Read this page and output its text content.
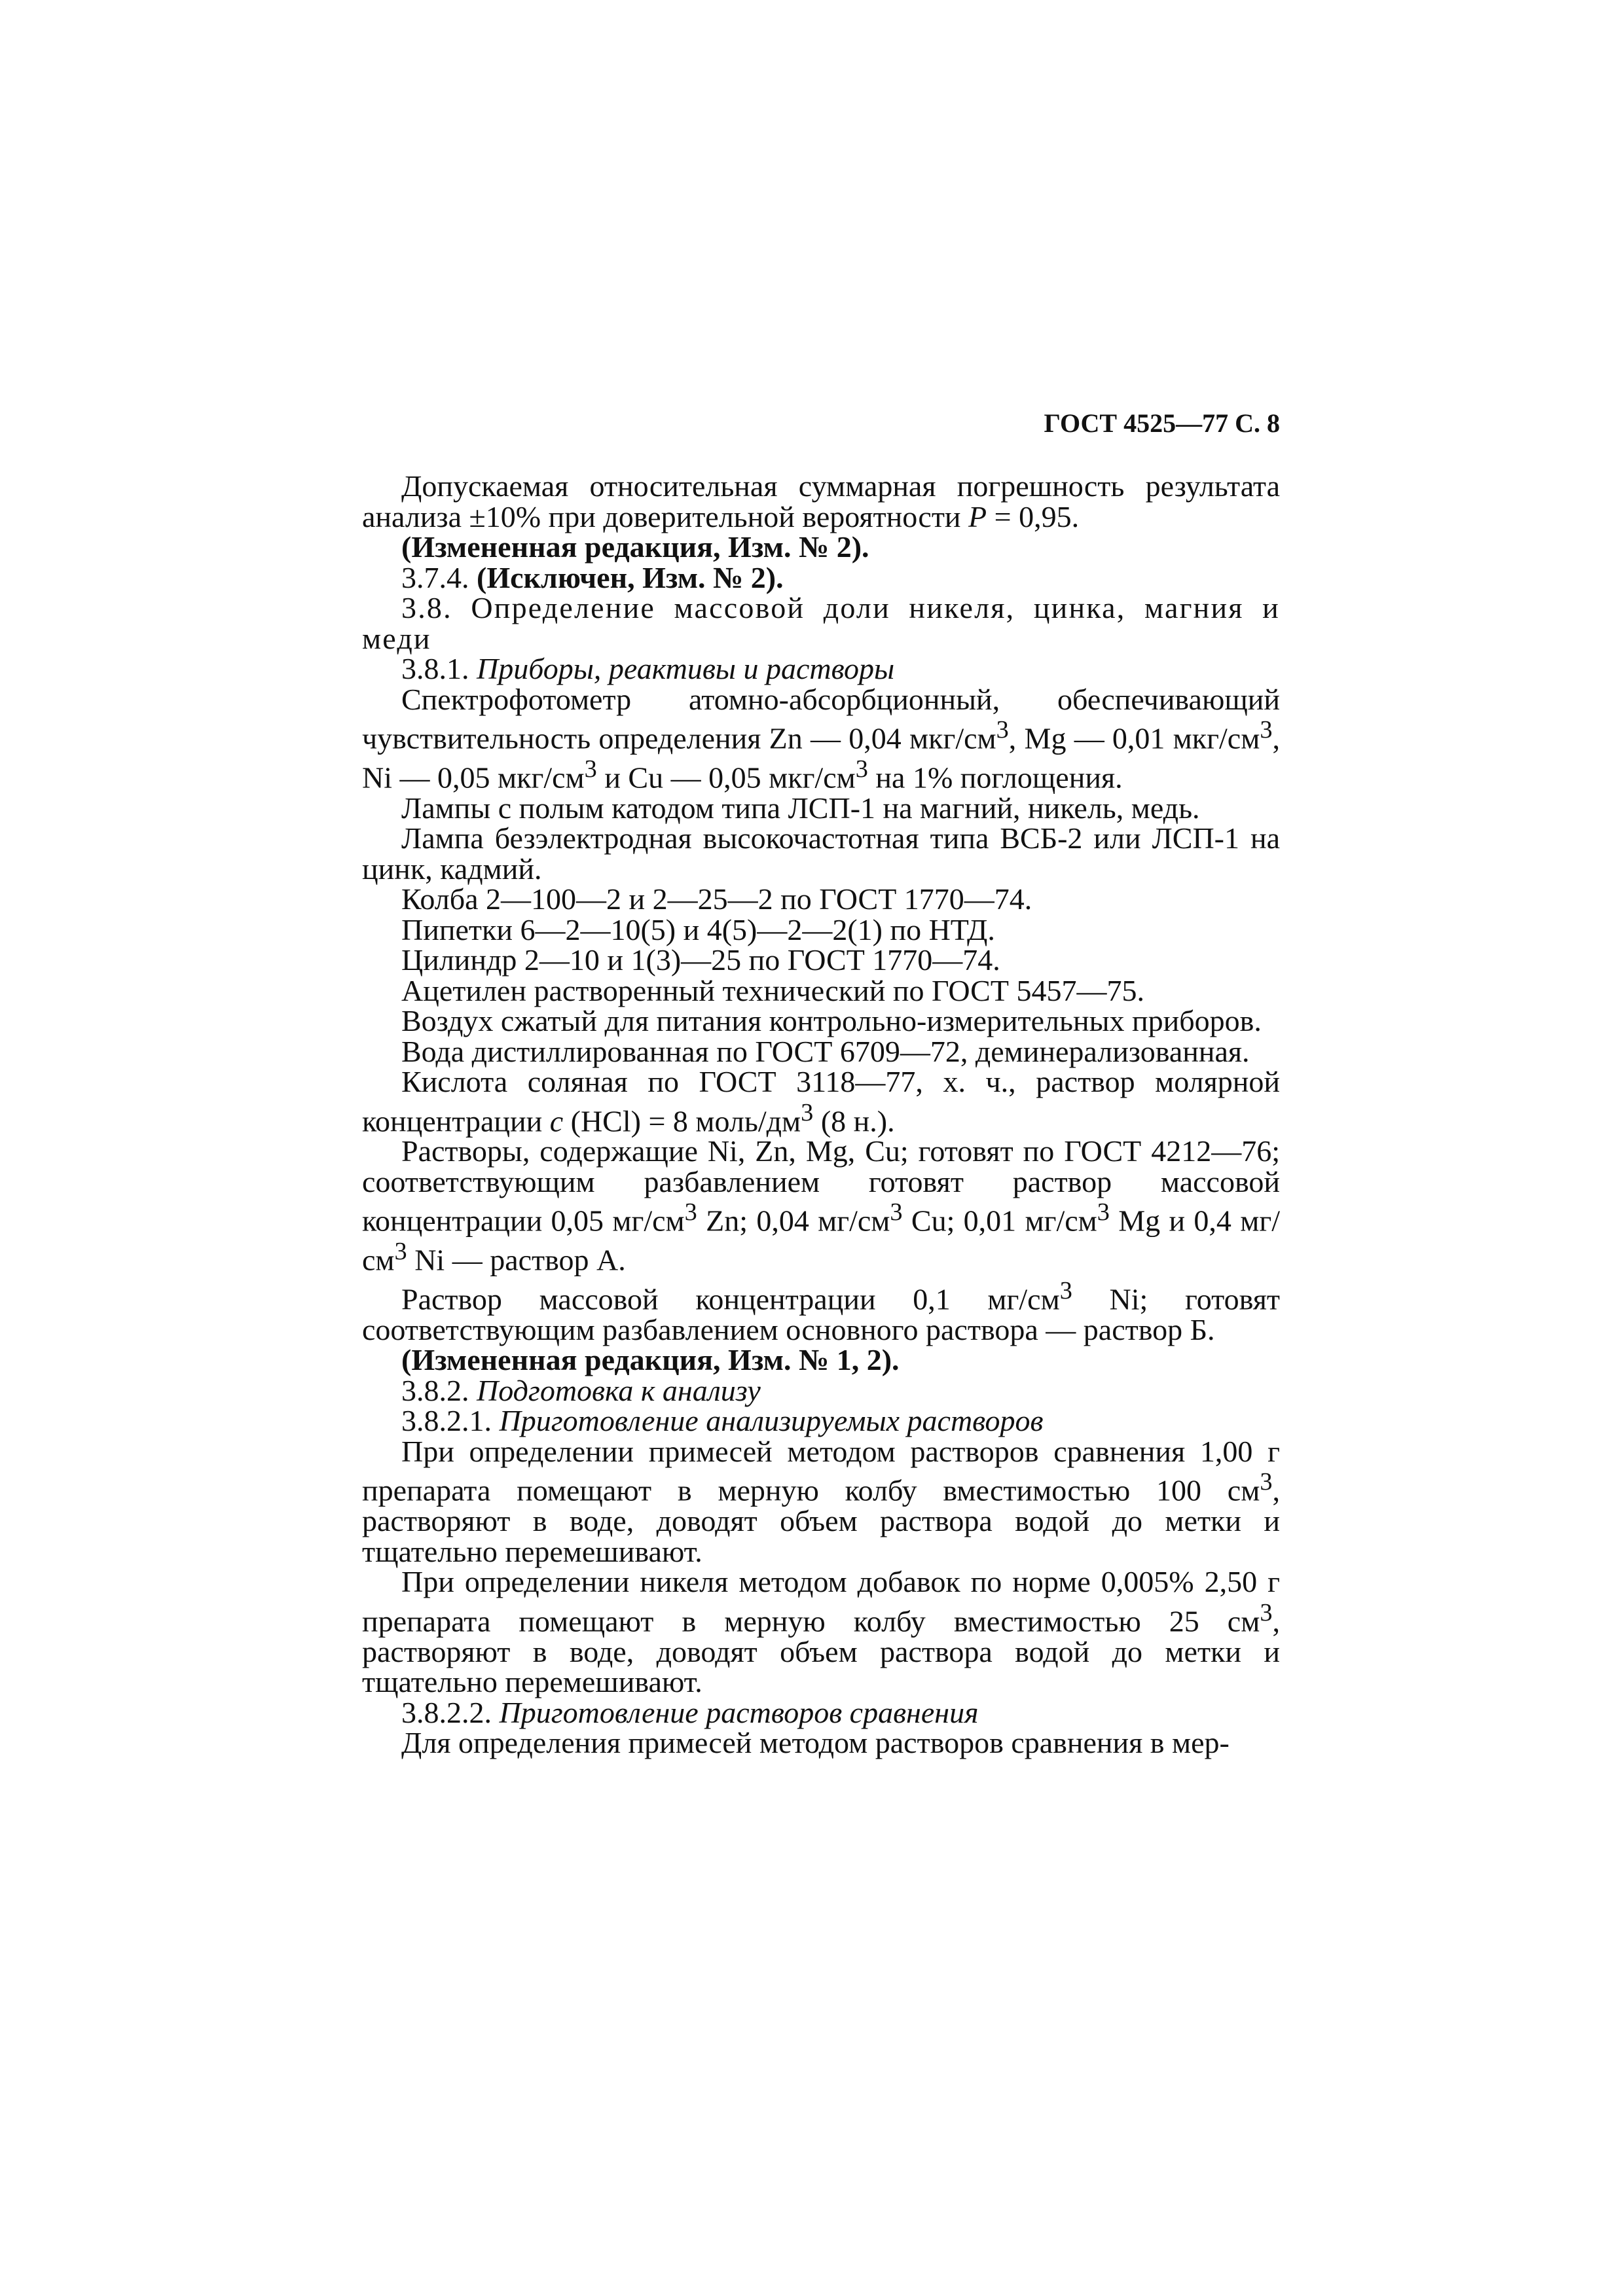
ГОСТ 4525—77 С. 8

Допускаемая относительная суммарная погрешность результата анализа ±10% при доверительной вероятности P = 0,95.

(Измененная редакция, Изм. № 2).

3.7.4. (Исключен, Изм. № 2).

3.8. Определение массовой доли никеля, цинка, магния и меди

3.8.1. Приборы, реактивы и растворы

Спектрофотометр атомно-абсорбционный, обеспечивающий чувствительность определения Zn — 0,04 мкг/$см^3$, Mg — 0,01 мкг/$см^3$, Ni — 0,05 мкг/$см^3$ и Cu — 0,05 мкг/$см^3$ на 1% поглощения.

Лампы с полым катодом типа ЛСП-1 на магний, никель, медь.

Лампа безэлектродная высокочастотная типа ВСБ-2 или ЛСП-1 на цинк, кадмий.

Колба 2—100—2 и 2—25—2 по ГОСТ 1770—74.

Пипетки 6—2—10(5) и 4(5)—2—2(1) по НТД.

Цилиндр 2—10 и 1(3)—25 по ГОСТ 1770—74.

Ацетилен растворенный технический по ГОСТ 5457—75.

Воздух сжатый для питания контрольно-измерительных приборов.

Вода дистиллированная по ГОСТ 6709—72, деминерализованная.

Кислота соляная по ГОСТ 3118—77, х. ч., раствор молярной концентрации c (HCl) = 8 моль/$дм^3$ (8 н.).

Растворы, содержащие Ni, Zn, Mg, Cu; готовят по ГОСТ 4212—76; соответствующим разбавлением готовят раствор массовой концентрации 0,05 $мг/см^3$ Zn; 0,04 $мг/см^3$ Cu; 0,01 $мг/см^3$ Mg и 0,4 $мг/см^3$ Ni — раствор А.

Раствор массовой концентрации 0,1 $мг/см^3$ Ni; готовят соответствующим разбавлением основного раствора — раствор Б.

(Измененная редакция, Изм. № 1, 2).

3.8.2. Подготовка к анализу

3.8.2.1. Приготовление анализируемых растворов

При определении примесей методом растворов сравнения 1,00 г препарата помещают в мерную колбу вместимостью 100 $см^3$, растворяют в воде, доводят объем раствора водой до метки и тщательно перемешивают.

При определении никеля методом добавок по норме 0,005% 2,50 г препарата помещают в мерную колбу вместимостью 25 $см^3$, растворяют в воде, доводят объем раствора водой до метки и тщательно перемешивают.

3.8.2.2. Приготовление растворов сравнения

Для определения примесей методом растворов сравнения в мер-
